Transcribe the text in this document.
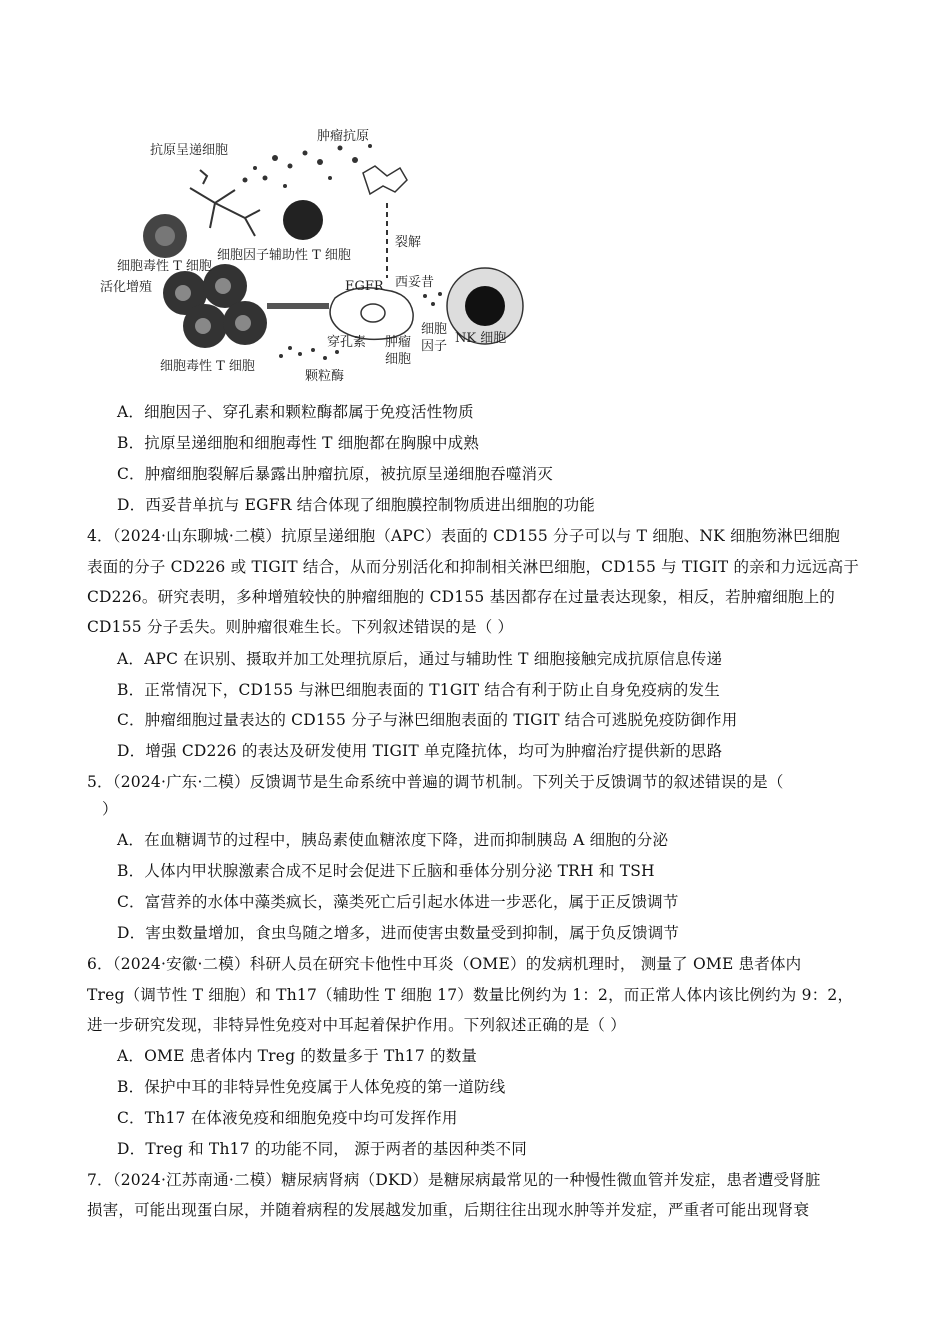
抗原呈递细胞
肿瘤抗原
裂解
细胞因子辅助性 T 细胞
细胞毒性 T 细胞
活化增殖	EGFR 西妥昔
穿孔素 肿瘤
细胞
细胞
因子
NK 细胞
细胞毒性 T 细胞
颗粒酶
A．细胞因子、穿孔素和颗粒酶都属于免疫活性物质
B．抗原呈递细胞和细胞毒性 T 细胞都在胸腺中成熟
C．肿瘤细胞裂解后暴露出肿瘤抗原，被抗原呈递细胞吞噬消灭
D．西妥昔单抗与 EGFR 结合体现了细胞膜控制物质进出细胞的功能
4．（2024·山东聊城·二模）抗原呈递细胞（APC）表面的 CD155 分子可以与 T 细胞、NK 细胞笏淋巴细胞
表面的分子 CD226 或 TIGIT 结合，从而分别活化和抑制相关淋巴细胞，CD155 与 TIGIT 的亲和力远远高于
CD226。研究表明，多种增殖较快的肿瘤细胞的 CD155 基因都存在过量表达现象，相反，若肿瘤细胞上的
CD155 分子丢失。则肿瘤很难生长。下列叙述错误的是（ ）
A．APC 在识别、摄取并加工处理抗原后，通过与辅助性 T 细胞接触完成抗原信息传递
B．正常情况下，CD155 与淋巴细胞表面的 T1GIT 结合有利于防止自身免疫病的发生
C．肿瘤细胞过量表达的 CD155 分子与淋巴细胞表面的 TIGIT 结合可逃脱免疫防御作用
D．增强 CD226 的表达及研发使用 TIGIT 单克隆抗体，均可为肿瘤治疗提供新的思路
5．（2024·广东·二模）反馈调节是生命系统中普遍的调节机制。下列关于反馈调节的叙述错误的是（
）
A．在血糖调节的过程中，胰岛素使血糖浓度下降，进而抑制胰岛 A 细胞的分泌
B．人体内甲状腺激素合成不足时会促进下丘脑和垂体分别分泌 TRH 和 TSH
C．富营养的水体中藻类疯长，藻类死亡后引起水体进一步恶化，属于正反馈调节
D．害虫数量增加，食虫鸟随之增多，进而使害虫数量受到抑制，属于负反馈调节
6．（2024·安徽·二模）科研人员在研究卡他性中耳炎（OME）的发病机理时， 测量了 OME 患者体内
Treg（调节性 T 细胞）和 Th17（辅助性 T 细胞 17）数量比例约为 1：2，而正常人体内该比例约为 9：2，
进一步研究发现，非特异性免疫对中耳起着保护作用。下列叙述正确的是（ ）
A．OME 患者体内 Treg 的数量多于 Th17 的数量
B．保护中耳的非特异性免疫属于人体免疫的第一道防线
C．Th17 在体液免疫和细胞免疫中均可发挥作用
D．Treg 和 Th17 的功能不同， 源于两者的基因种类不同
7．（2024·江苏南通·二模）糖尿病肾病（DKD）是糖尿病最常见的一种慢性微血管并发症，患者遭受肾脏
损害，可能出现蛋白尿，并随着病程的发展越发加重，后期往往出现水肿等并发症，严重者可能出现肾衰
